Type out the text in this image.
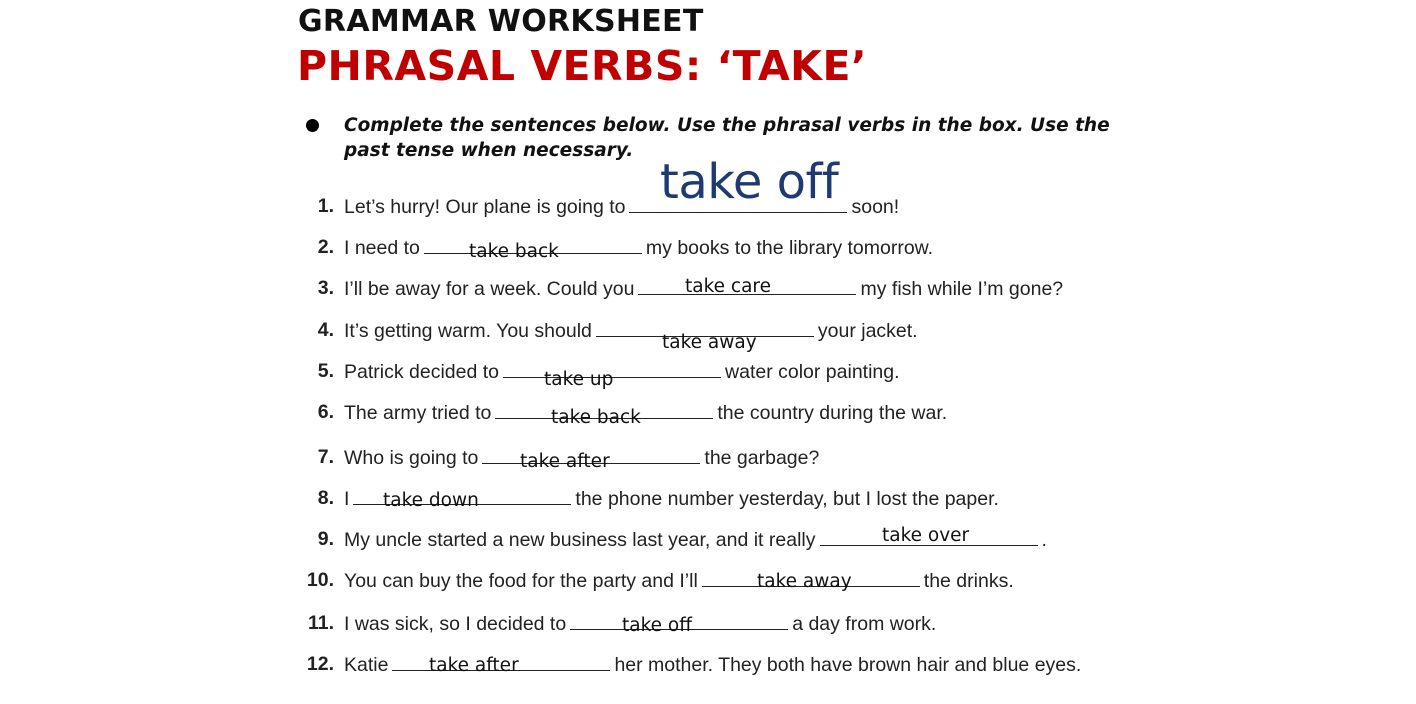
GRAMMAR WORKSHEET
PHRASAL VERBS: ‘TAKE’
Complete the sentences below. Use the phrasal verbs in the box. Use the past tense when necessary.
1. Let’s hurry! Our plane is going to	soon!
take off
2. I need to	my books to the library tomorrow.
take back
3. I’ll be away for a week. Could you	my fish while I’m gone?
take care
4. It’s getting warm. You should	your jacket.
take away
5. Patrick decided to	water color painting.
take up
6. The army tried to	the country during the war.
take back
7. Who is going to	the garbage?
take after
8. I	the phone number yesterday, but I lost the paper.
take down
9. My uncle started a new business last year, and it really	.
take over
10. You can buy the food for the party and I’ll	the drinks.
take away
11. I was sick, so I decided to	a day from work.
take off
12. Katie	her mother. They both have brown hair and blue eyes.
take after
